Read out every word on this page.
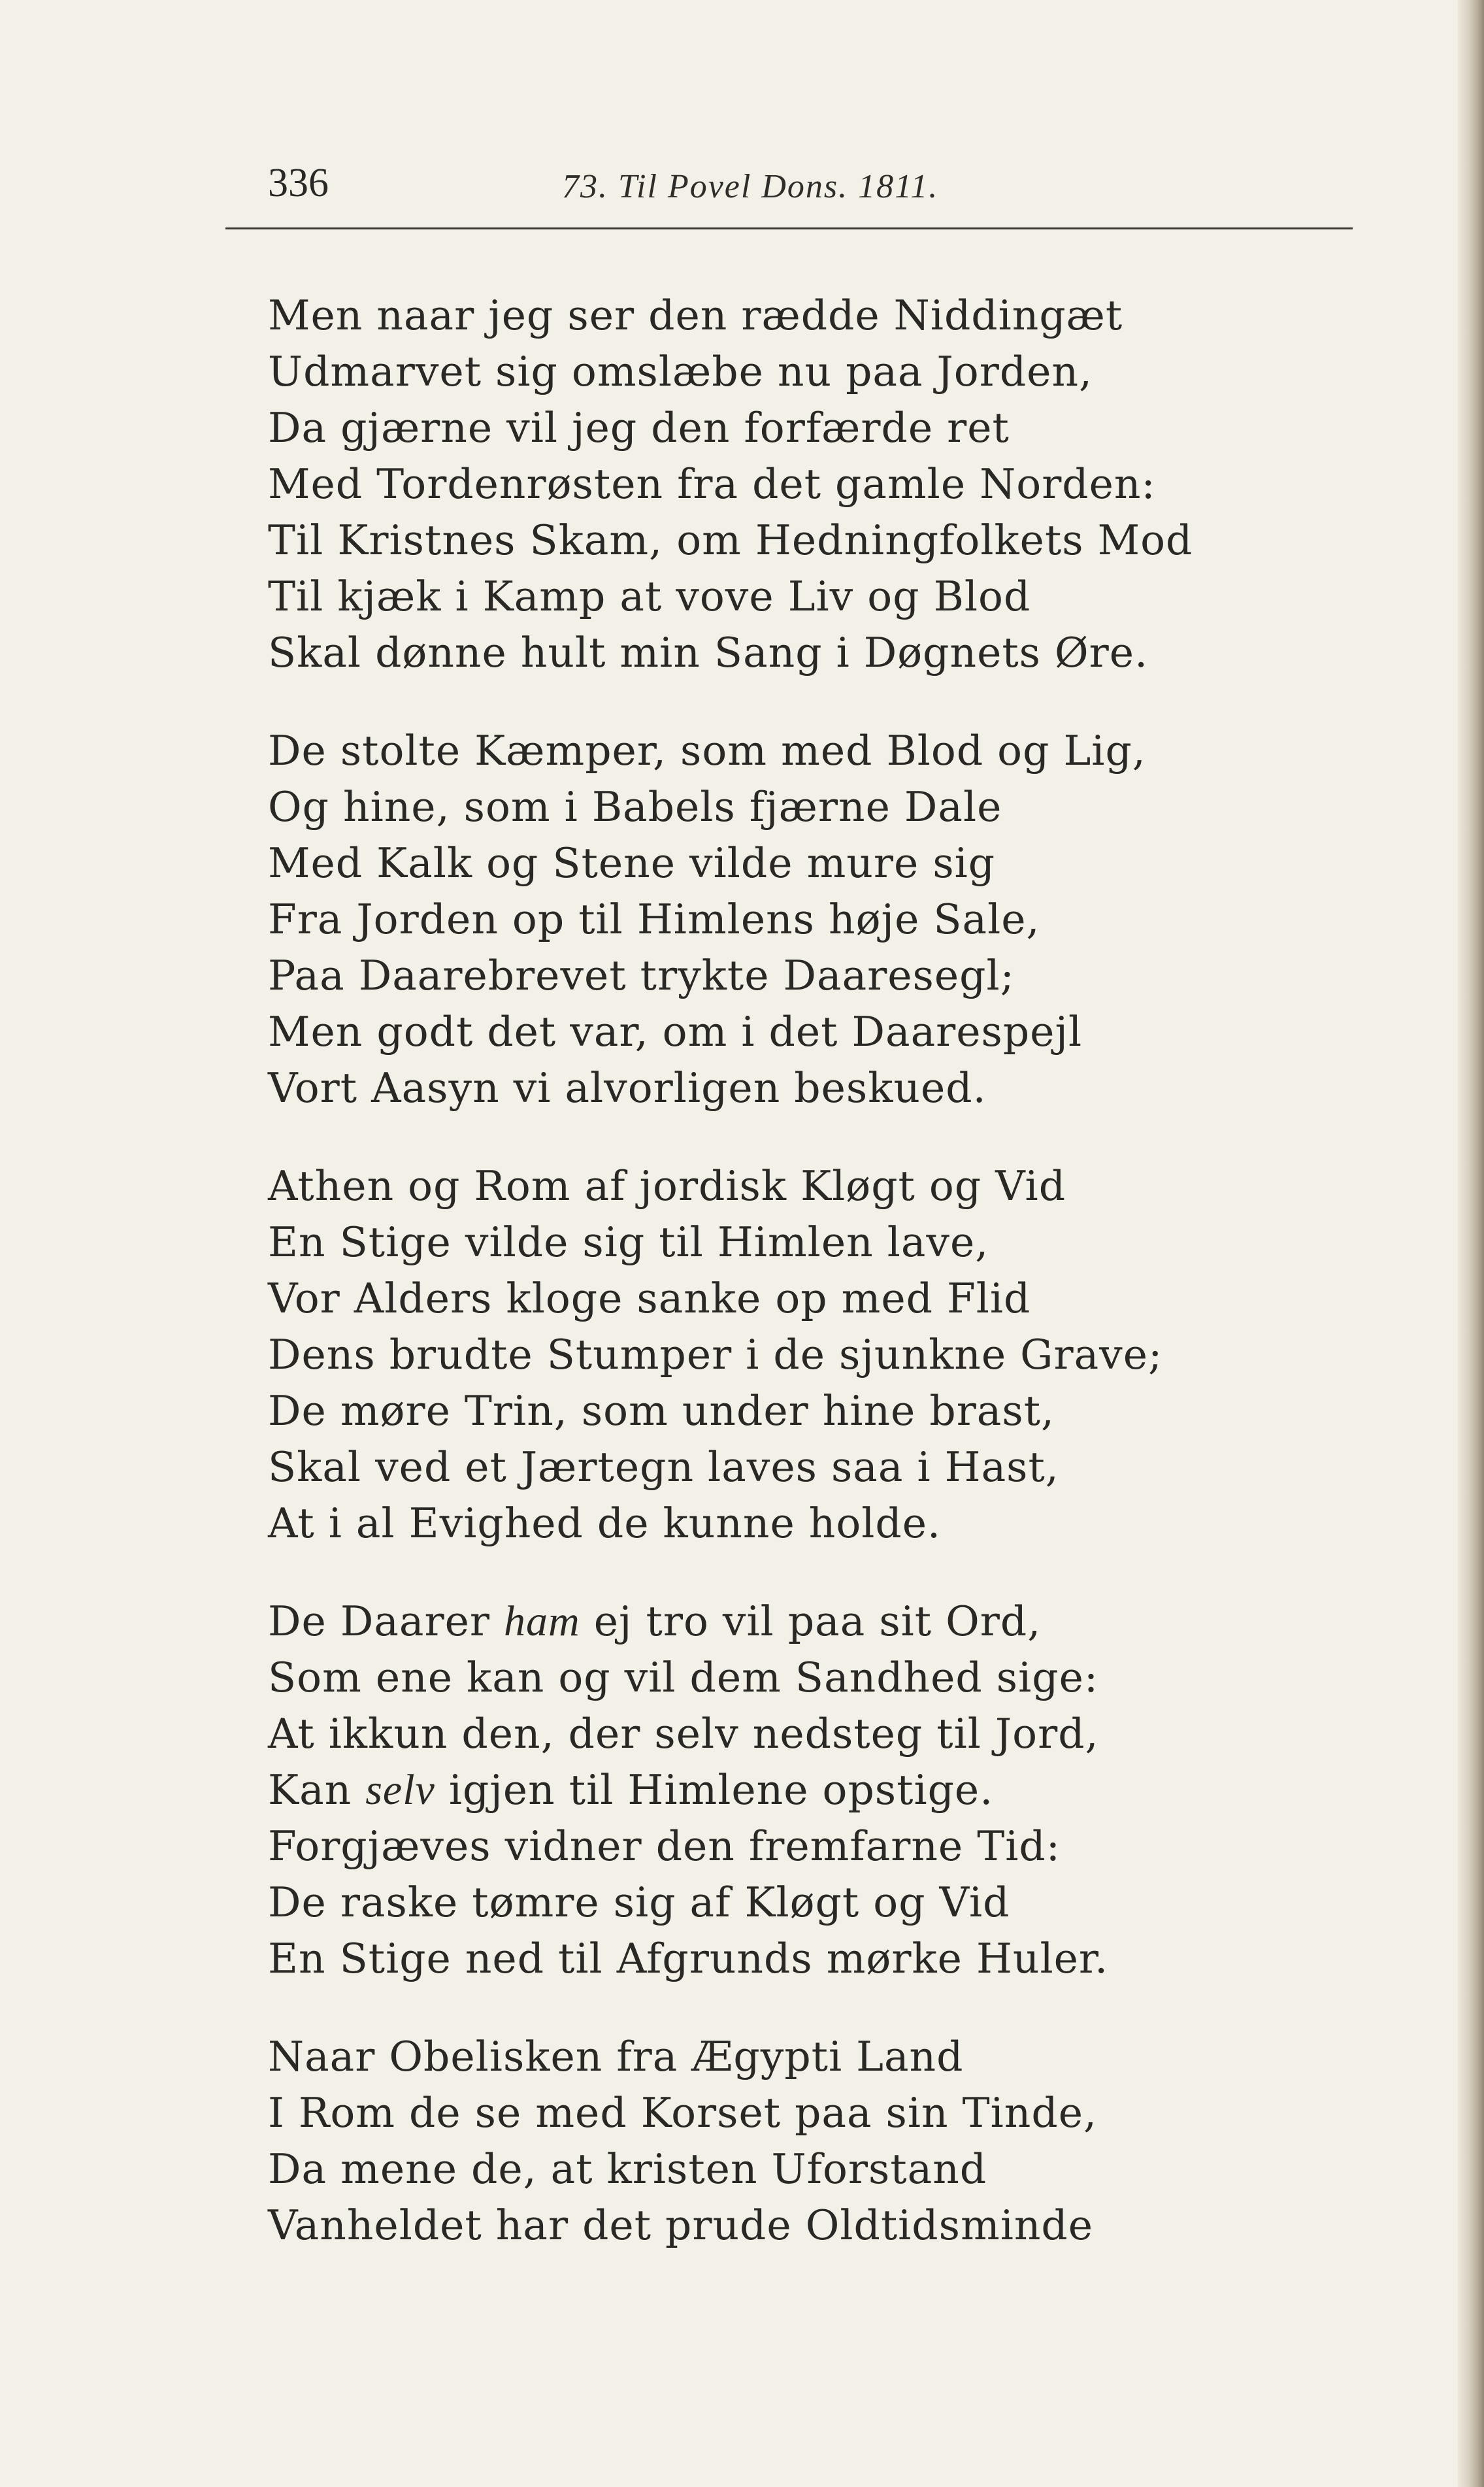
336	73. Til Povel Dons. 1811.
Men naar jeg ser den rædde Niddingæt
Udmarvet sig omslæbe nu paa Jorden,
Da gjærne vil jeg den forfærde ret
Med Tordenrøsten fra det gamle Norden:
Til Kristnes Skam, om Hedningfolkets Mod
Til kjæk i Kamp at vove Liv og Blod
Skal dønne hult min Sang i Døgnets Øre.
De stolte Kæmper, som med Blod og Lig,
Og hine, som i Babels fjærne Dale
Med Kalk og Stene vilde mure sig
Fra Jorden op til Himlens høje Sale,
Paa Daarebrevet trykte Daaresegl;
Men godt det var, om i det Daarespejl
Vort Aasyn vi alvorligen beskued.
Athen og Rom af jordisk Kløgt og Vid
En Stige vilde sig til Himlen lave,
Vor Alders kloge sanke op med Flid
Dens brudte Stumper i de sjunkne Grave;
De møre Trin, som under hine brast,
Skal ved et Jærtegn laves saa i Hast,
At i al Evighed de kunne holde.
De Daarer ham ej tro vil paa sit Ord,
Som ene kan og vil dem Sandhed sige:
At ikkun den, der selv nedsteg til Jord,
Kan selv igjen til Himlene opstige.
Forgjæves vidner den fremfarne Tid:
De raske tømre sig af Kløgt og Vid
En Stige ned til Afgrunds mørke Huler.
Naar Obelisken fra Ægypti Land
I Rom de se med Korset paa sin Tinde,
Da mene de, at kristen Uforstand
Vanheldet har det prude Oldtidsminde
